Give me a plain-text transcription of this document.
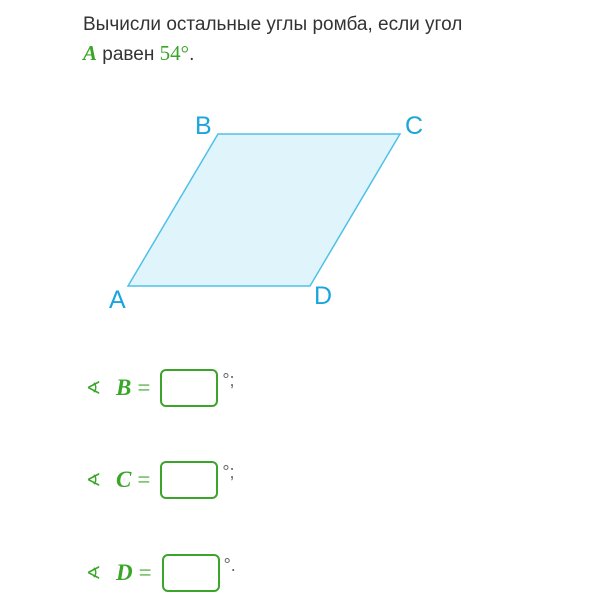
Вычисли остальные углы ромба, если угол
A равен 54°.
A
B	C
D
∢ B =	°;
∢ C =	°;
∢ D =	°.
